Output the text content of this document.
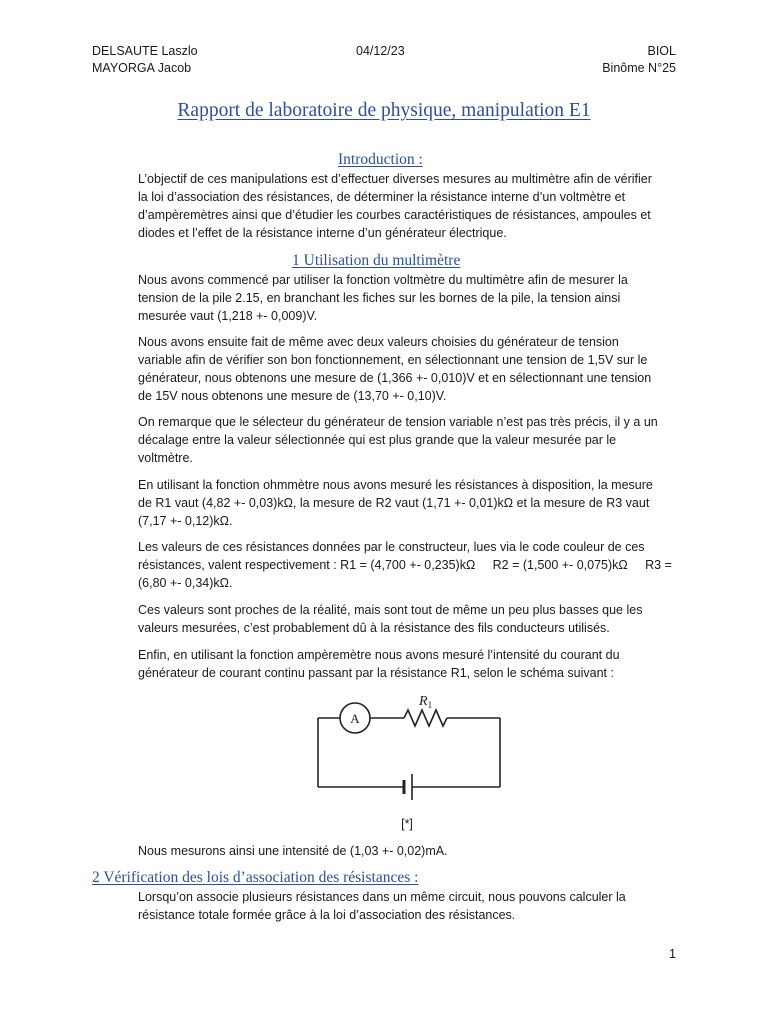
DELSAUTE Laszlo
MAYORGA Jacob
04/12/23	BIOL
Binôme N°25
Rapport de laboratoire de physique, manipulation E1
Introduction :

L’objectif de ces manipulations est d’effectuer diverses mesures au multimètre afin de vérifier
la loi d’association des résistances, de déterminer la résistance interne d’un voltmètre et
d’ampèremètres ainsi que d’étudier les courbes caractéristiques de résistances, ampoules et
diodes et l’effet de la résistance interne d’un générateur électrique.

1 Utilisation du multimètre

Nous avons commencé par utiliser la fonction voltmètre du multimètre afin de mesurer la
tension de la pile 2.15, en branchant les fiches sur les bornes de la pile, la tension ainsi
mesurée vaut (1,218 +- 0,009)V.

Nous avons ensuite fait de même avec deux valeurs choisies du générateur de tension
variable afin de vérifier son bon fonctionnement, en sélectionnant une tension de 1,5V sur le
générateur, nous obtenons une mesure de (1,366 +- 0,010)V et en sélectionnant une tension
de 15V nous obtenons une mesure de (13,70 +- 0,10)V.

On remarque que le sélecteur du générateur de tension variable n’est pas très précis, il y a un
décalage entre la valeur sélectionnée qui est plus grande que la valeur mesurée par le
voltmètre.

En utilisant la fonction ohmmètre nous avons mesuré les résistances à disposition, la mesure
de R1 vaut (4,82 +- 0,03)kΩ, la mesure de R2 vaut (1,71 +- 0,01)kΩ et la mesure de R3 vaut
(7,17 +- 0,12)kΩ.

Les valeurs de ces résistances données par le constructeur, lues via le code couleur de ces
résistances, valent respectivement : R1 = (4,700 +- 0,235)kΩ     R2 = (1,500 +- 0,075)kΩ     R3 =
(6,80 +- 0,34)kΩ.

Ces valeurs sont proches de la réalité, mais sont tout de même un peu plus basses que les
valeurs mesurées, c’est probablement dû à la résistance des fils conducteurs utilisés.

Enfin, en utilisant la fonction ampèremètre nous avons mesuré l’intensité du courant du
générateur de courant continu passant par la résistance R1, selon le schéma suivant :

A
$R_1$
[*]

Nous mesurons ainsi une intensité de (1,03 +- 0,02)mA.

2 Vérification des lois d’association des résistances :

Lorsqu’on associe plusieurs résistances dans un même circuit, nous pouvons calculer la
résistance totale formée grâce à la loi d’association des résistances.

1
